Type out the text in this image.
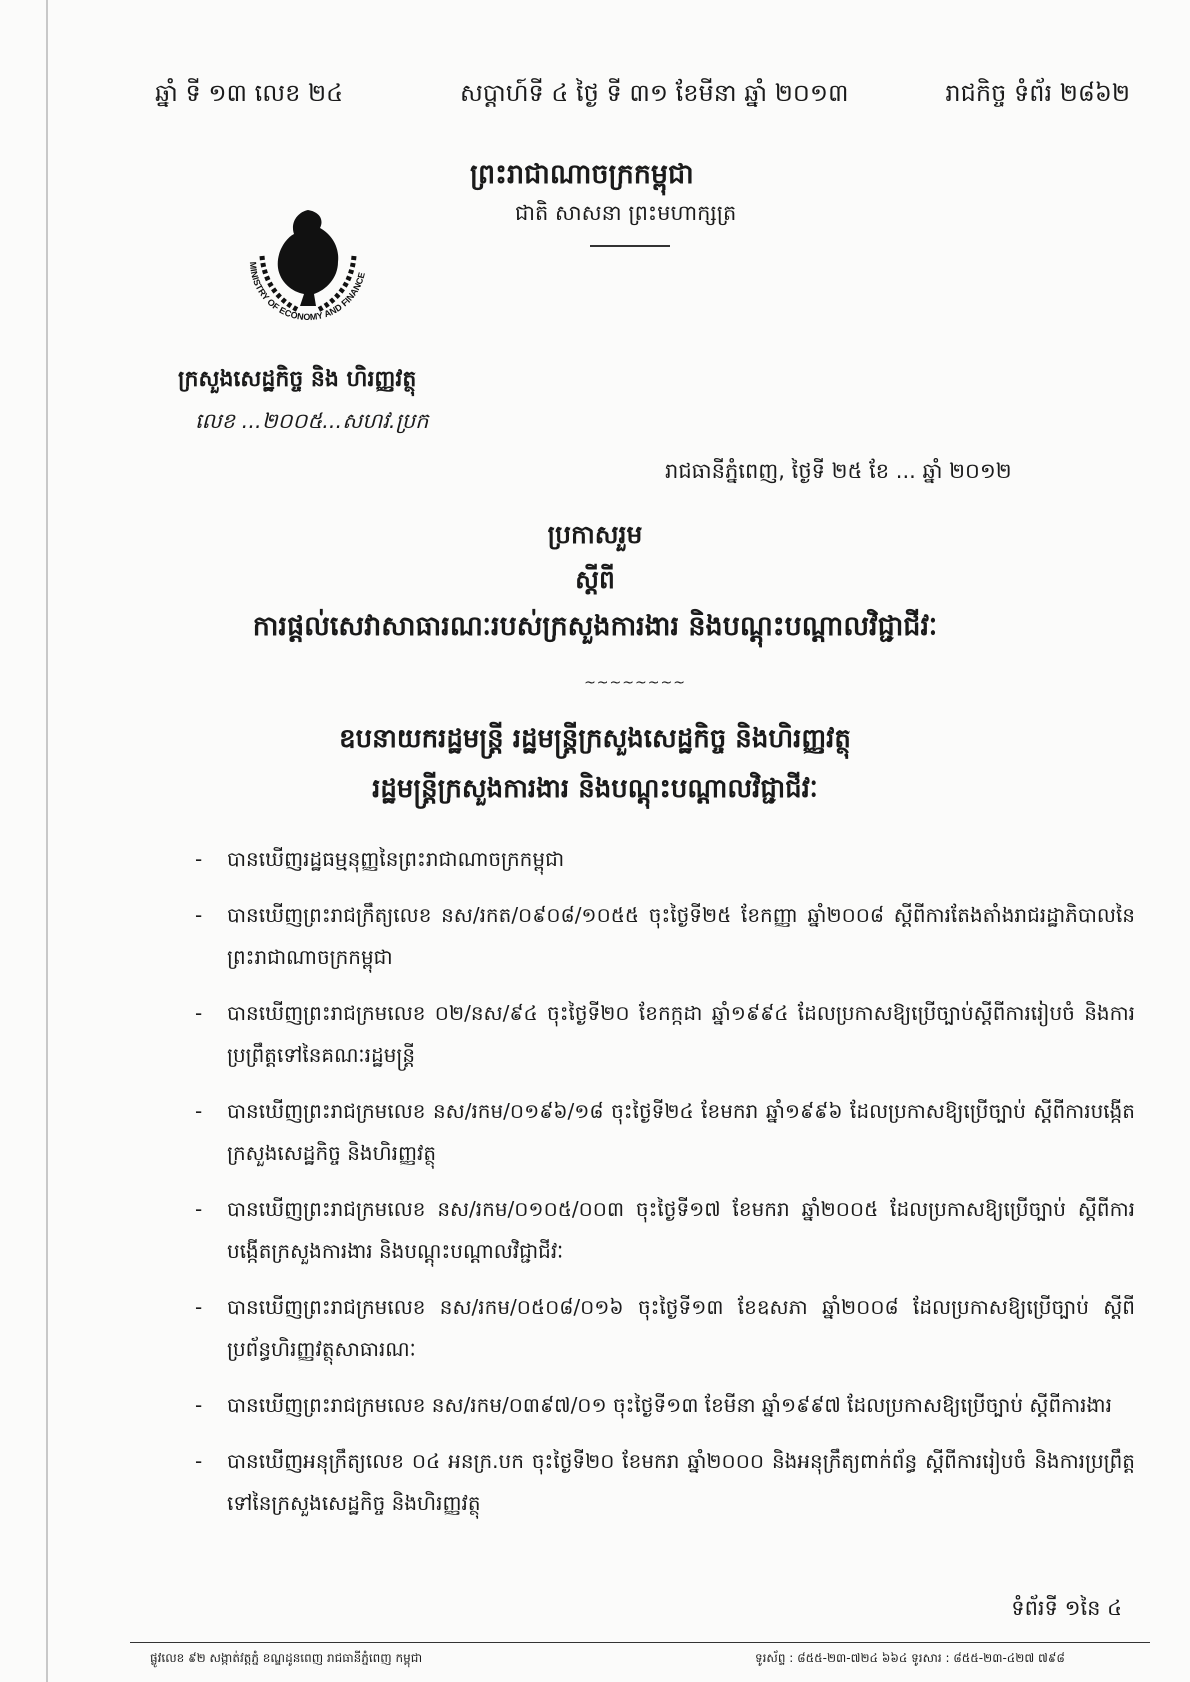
ឆ្នាំ ទី ១៣ លេខ ២៤	សប្តាហ៍ទី ៤ ថ្ងៃ ទី ៣១ ខែមីនា ឆ្នាំ ២០១៣	រាជកិច្ច ទំព័រ ២៨៦២
ព្រះរាជាណាចក្រកម្ពុជា
ជាតិ សាសនា ព្រះមហាក្សត្រ
MINISTRY OF ECONOMY AND FINANCE
ក្រសួងសេដ្ឋកិច្ច និង ហិរញ្ញវត្ថុ
លេខ ...២០០៥...សហវ.ប្រក
រាជធានីភ្នំពេញ, ថ្ងៃទី ២៥ ខែ ... ឆ្នាំ ២០១២
ប្រកាសរួម
ស្តីពី
ការផ្តល់សេវាសាធារណៈរបស់ក្រសួងការងារ និងបណ្តុះបណ្តាលវិជ្ជាជីវៈ
~~~~~~~~
ឧបនាយករដ្ឋមន្ត្រី រដ្ឋមន្ត្រីក្រសួងសេដ្ឋកិច្ច និងហិរញ្ញវត្ថុ
រដ្ឋមន្ត្រីក្រសួងការងារ និងបណ្តុះបណ្តាលវិជ្ជាជីវៈ
- បានឃើញរដ្ឋធម្មនុញ្ញនៃព្រះរាជាណាចក្រកម្ពុជា
- បានឃើញព្រះរាជក្រឹត្យលេខ នស/រកត/០៩០៨/១០៥៥ ចុះថ្ងៃទី២៥ ខែកញ្ញា ឆ្នាំ២០០៨ ស្តីពីការតែងតាំងរាជរដ្ឋាភិបាលនៃព្រះរាជាណាចក្រកម្ពុជា
- បានឃើញព្រះរាជក្រមលេខ ០២/នស/៩៤ ចុះថ្ងៃទី២០ ខែកក្កដា ឆ្នាំ១៩៩៤ ដែលប្រកាសឱ្យប្រើច្បាប់ស្តីពីការរៀបចំ និងការប្រព្រឹត្តទៅនៃគណៈរដ្ឋមន្ត្រី
- បានឃើញព្រះរាជក្រមលេខ នស/រកម/០១៩៦/១៨ ចុះថ្ងៃទី២៤ ខែមករា ឆ្នាំ១៩៩៦ ដែលប្រកាសឱ្យប្រើច្បាប់ ស្តីពីការបង្កើតក្រសួងសេដ្ឋកិច្ច និងហិរញ្ញវត្ថុ
- បានឃើញព្រះរាជក្រមលេខ នស/រកម/០១០៥/០០៣ ចុះថ្ងៃទី១៧ ខែមករា ឆ្នាំ២០០៥ ដែលប្រកាសឱ្យប្រើច្បាប់ ស្តីពីការបង្កើតក្រសួងការងារ និងបណ្តុះបណ្តាលវិជ្ជាជីវៈ
- បានឃើញព្រះរាជក្រមលេខ នស/រកម/០៥០៨/០១៦ ចុះថ្ងៃទី១៣ ខែឧសភា ឆ្នាំ២០០៨ ដែលប្រកាសឱ្យប្រើច្បាប់ ស្តីពីប្រព័ន្ធហិរញ្ញវត្ថុសាធារណៈ
- បានឃើញព្រះរាជក្រមលេខ នស/រកម/០៣៩៧/០១ ចុះថ្ងៃទី១៣ ខែមីនា ឆ្នាំ១៩៩៧ ដែលប្រកាសឱ្យប្រើច្បាប់ ស្តីពីការងារ
- បានឃើញអនុក្រឹត្យលេខ ០៤ អនក្រ.បក ចុះថ្ងៃទី២០ ខែមករា ឆ្នាំ២០០០ និងអនុក្រឹត្យពាក់ព័ន្ធ ស្តីពីការរៀបចំ និងការប្រព្រឹត្តទៅនៃក្រសួងសេដ្ឋកិច្ច និងហិរញ្ញវត្ថុ
ទំព័រទី ១នៃ ៤
ផ្លូវលេខ ៩២ សង្កាត់វត្តភ្នំ ខណ្ឌដូនពេញ រាជធានីភ្នំពេញ កម្ពុជា	ទូរស័ព្ទ : ៨៥៥-២៣-៧២៤ ៦៦៤ ទូរសារ : ៨៥៥-២៣-៤២៧ ៧៩៨
